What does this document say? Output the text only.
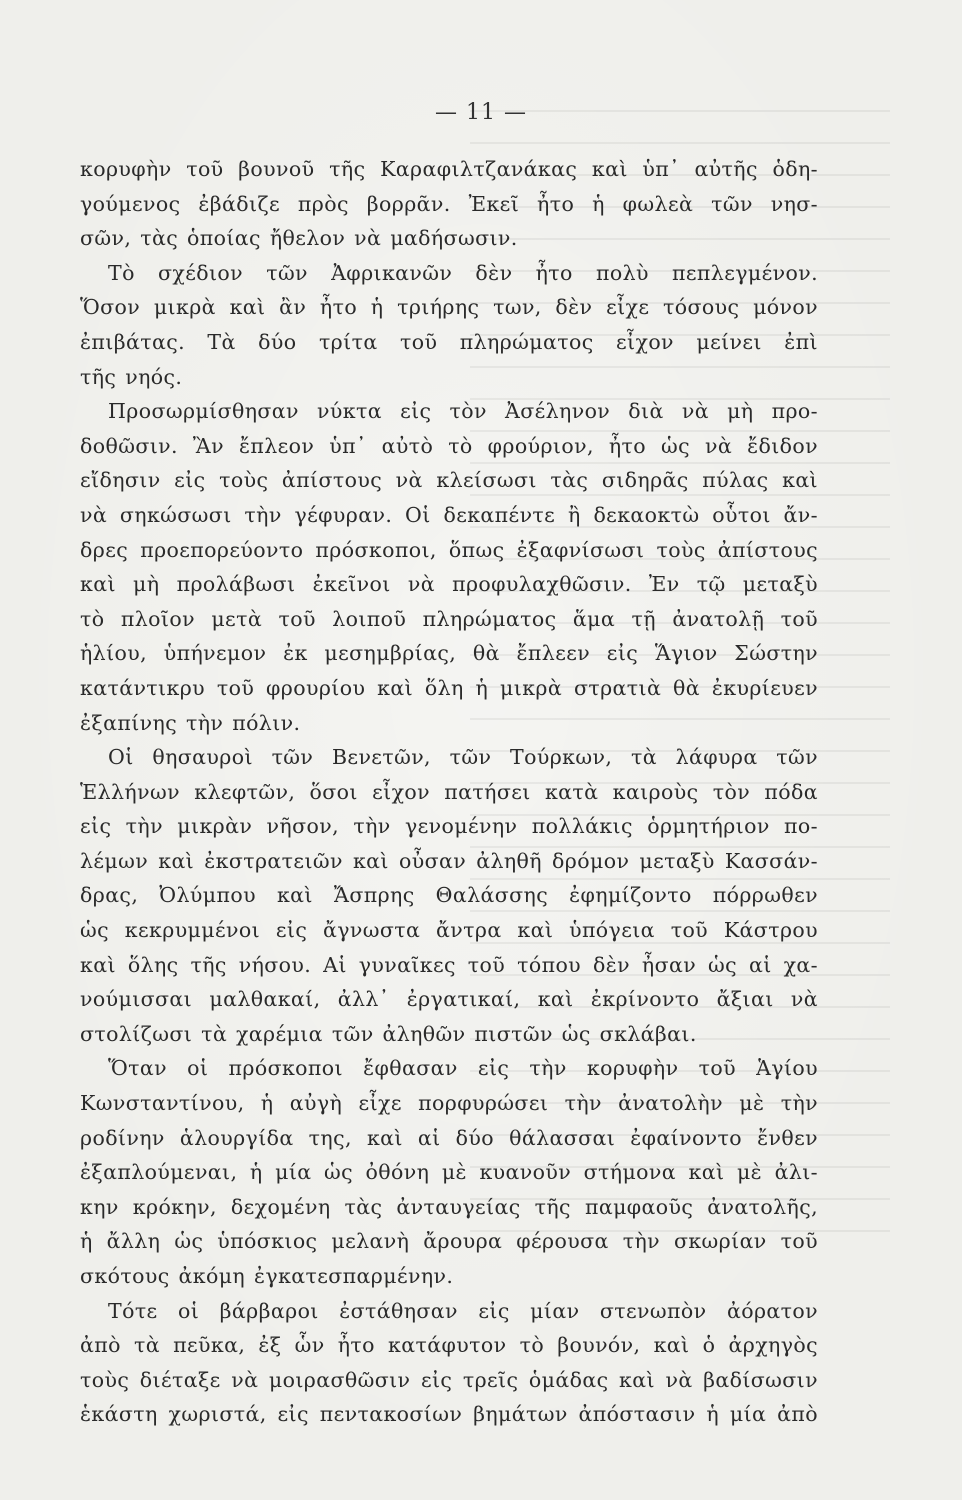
— 11 —
κορυφὴν τοῦ βουνοῦ τῆς Καραφιλτζανάκας καὶ ὑπ᾿ αὐτῆς ὁδη-
γούμενος ἐβάδιζε πρὸς βορρᾶν. Ἐκεῖ ἦτο ἡ φωλεὰ τῶν νησ-
σῶν, τὰς ὁποίας ἤθελον νὰ μαδήσωσιν.
Τὸ σχέδιον τῶν Ἀφρικανῶν δὲν ἦτο πολὺ πεπλεγμένον.
Ὅσον μικρὰ καὶ ἂν ἦτο ἡ τριήρης των, δὲν εἶχε τόσους μόνον
ἐπιβάτας. Τὰ δύο τρίτα τοῦ πληρώματος εἶχον μείνει ἐπὶ
τῆς νηός.
Προσωρμίσθησαν νύκτα εἰς τὸν Ἀσέληνον διὰ νὰ μὴ προ-
δοθῶσιν. Ἂν ἔπλεον ὑπ᾿ αὐτὸ τὸ φρούριον, ἦτο ὡς νὰ ἔδιδον
εἴδησιν εἰς τοὺς ἀπίστους νὰ κλείσωσι τὰς σιδηρᾶς πύλας καὶ
νὰ σηκώσωσι τὴν γέφυραν. Οἱ δεκαπέντε ἢ δεκαοκτὼ οὗτοι ἄν-
δρες προεπορεύοντο πρόσκοποι, ὅπως ἐξαφνίσωσι τοὺς ἀπίστους
καὶ μὴ προλάβωσι ἐκεῖνοι νὰ προφυλαχθῶσιν. Ἐν τῷ μεταξὺ
τὸ πλοῖον μετὰ τοῦ λοιποῦ πληρώματος ἅμα τῇ ἀνατολῇ τοῦ
ἡλίου, ὑπήνεμον ἐκ μεσημβρίας, θὰ ἔπλεεν εἰς Ἅγιον Σώστην
κατάντικρυ τοῦ φρουρίου καὶ ὅλη ἡ μικρὰ στρατιὰ θὰ ἐκυρίευεν
ἐξαπίνης τὴν πόλιν.
Οἱ θησαυροὶ τῶν Βενετῶν, τῶν Τούρκων, τὰ λάφυρα τῶν
Ἑλλήνων κλεφτῶν, ὅσοι εἶχον πατήσει κατὰ καιροὺς τὸν πόδα
εἰς τὴν μικρὰν νῆσον, τὴν γενομένην πολλάκις ὁρμητήριον πο-
λέμων καὶ ἐκστρατειῶν καὶ οὖσαν ἀληθῆ δρόμον μεταξὺ Κασσάν-
δρας, Ὀλύμπου καὶ Ἄσπρης Θαλάσσης ἐφημίζοντο πόρρωθεν
ὡς κεκρυμμένοι εἰς ἄγνωστα ἄντρα καὶ ὑπόγεια τοῦ Κάστρου
καὶ ὅλης τῆς νήσου. Αἱ γυναῖκες τοῦ τόπου δὲν ἦσαν ὡς αἱ χα-
νούμισσαι μαλθακαί, ἀλλ᾿ ἐργατικαί, καὶ ἐκρίνοντο ἄξιαι νὰ
στολίζωσι τὰ χαρέμια τῶν ἀληθῶν πιστῶν ὡς σκλάβαι.
Ὅταν οἱ πρόσκοποι ἔφθασαν εἰς τὴν κορυφὴν τοῦ Ἁγίου
Κωνσταντίνου, ἡ αὐγὴ εἶχε πορφυρώσει τὴν ἀνατολὴν μὲ τὴν
ροδίνην ἁλουργίδα της, καὶ αἱ δύο θάλασσαι ἐφαίνοντο ἔνθεν
ἐξαπλούμεναι, ἡ μία ὡς ὀθόνη μὲ κυανοῦν στήμονα καὶ μὲ ἀλι-
κην κρόκην, δεχομένη τὰς ἀνταυγείας τῆς παμφαοῦς ἀνατολῆς,
ἡ ἄλλη ὡς ὑπόσκιος μελανὴ ἄρουρα φέρουσα τὴν σκωρίαν τοῦ
σκότους ἀκόμη ἐγκατεσπαρμένην.
Τότε οἱ βάρβαροι ἐστάθησαν εἰς μίαν στενωπὸν ἀόρατον
ἀπὸ τὰ πεῦκα, ἐξ ὧν ἦτο κατάφυτον τὸ βουνόν, καὶ ὁ ἀρχηγὸς
τοὺς διέταξε νὰ μοιρασθῶσιν εἰς τρεῖς ὁμάδας καὶ νὰ βαδίσωσιν
ἑκάστη χωριστά, εἰς πεντακοσίων βημάτων ἀπόστασιν ἡ μία ἀπὸ
